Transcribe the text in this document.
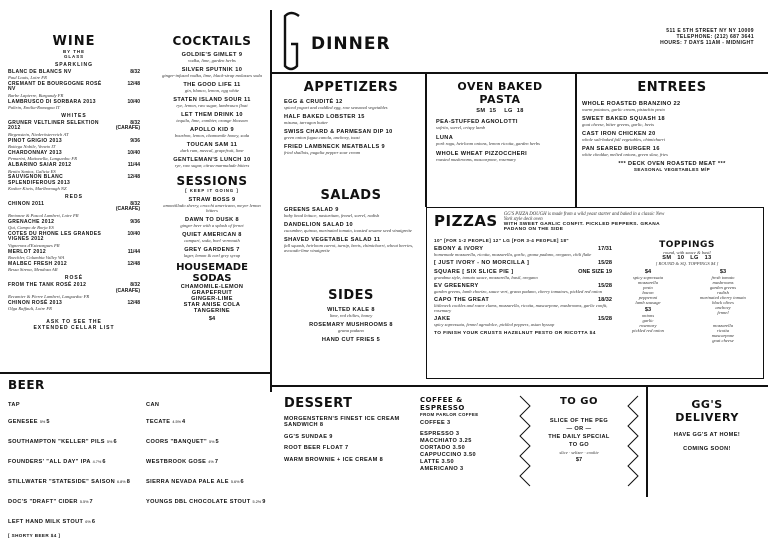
WINE
BY THE GLASS
SPARKLING
BLANC DE BLANCS NV	8/32
Paul Louis, Loire FR
CREMANT DE BOURGOGNE ROSÉ NV
12/48
Barbe Lapierre, Burgundy FR
LAMBRUSCO DI SORBARA 2013	10/40
Paltrin, Emilia-Romagna IT
WHITES
GRUNER VELTLINER SELEKTION 2012
8/32 (CARAFE)
Birgenstein, Niederösterreich AT
PINOT GRIGIO 2013	9/36
Bottega Nobile, Veneto IT
CHARDONNAY 2013	10/40
Pemarini, Mattonella, Languedoc FR
ALBARINO SAIAR 2012	11/44
Benito Santos, Galicia ES
SAUVIGNON BLANC SPLENDIFEROUS 2013
12/48
Kosher Kiwis, Marlborough NZ
REDS
CHINON 2011	8/32 (CARAFE)
Bretonne & Pascal Lambert, Loire FR
GRENACHE 2012	9/36
Qui, Campo de Borja ES
COTES DU RHONE LES GRANDES VIGNES 2012
10/40
Vignerons d'Estezargues FR
MERLOT 2012	11/44
Boechler, Columbia Valley WA
MALBEC FRESH 2012	12/48
Bessa Sirena, Mendoza AR
ROSÉ
FROM THE TANK ROSÉ 2012	8/32 (CARAFE)
Recamier & Pierre Lambert, Languedoc FR
CHINON ROSÉ 2013	12/48
Olga Raffault, Loire FR
ASK TO SEE THE EXTENDED CELLAR LIST
COCKTAILS
GOLDIE'S GIMLET 9
vodka, lime, garden herbs
SILVER SPUTNIK 10
ginger-infused vodka, lime, black-strap molasses soda
THE GOOD LIFE 11
gin, blanco, lemon, egg white
STATEN ISLAND SOUR 11
rye, lemon, raw sugar, lambrusco float
LET THEM DRINK 10
tequila, lime, combier, orange blossom
APOLLO KID 9
bourbon, lemon, chamomile honey, soda
TOUCAN SAM 11
dark rum, mezcal, grapefruit, lime
GENTLEMAN'S LUNCH 10
rye, raw sugar, citrus-marmalade bitters
SESSIONS
[ KEEP IT GOING ]
STRAW BOSS 9
amontillado sherry, crocchi americano, meyer lemon bitters
DAWN TO DUSK 8
ginger beer with a splash of fernet
QUIET AMERICAN 8
campari, soda, bon! vermouth
GREY GARDENS 7
lager, lemon & earl grey syrup
HOUSEMADE SODAS
CHAMOMILE-LEMON
GRAPEFRUIT
GINGER-LIME
STAR ANISE COLA
TANGERINE
$4
BEER
TAP
GENESEE 5% 5
SOUTHAMPTON "KELLER" PILS 5% 6
FOUNDERS' "ALL DAY" IPA 4.7% 6
STILLWATER "STATESIDE" SAISON 6.8% 8
DOC'S "DRAFT" CIDER 5.5% 7
LEFT HAND MILK STOUT 6% 6
[ SHORTY BEER $4 ]
CAN
TECATE 4.5% 4
COORS "BANQUET" 5% 5
WESTBROOK GOSE 4% 7
SIERRA NEVADA PALE ALE 5.6% 6
YOUNGS DBL CHOCOLATE STOUT 5.2% 9
DINNER
511 E 5TH STREET NY NY 10009
TELEPHONE: (212) 687 3641
HOURS: 7 DAYS 11AM - MIDNIGHT
APPETIZERS
EGG & CRUDITÉ 12
spiced yogurt and coddled egg, raw seasonal vegetables
HALF BAKED LOBSTER 15
mizuna, tarragon butter
SWISS CHARD & PARMESAN DIP 10
green onion fugaa canola, anchovy, toast
FRIED LAMBNECK MEATBALLS 9
fried shallots, pugalia pepper sour cream
SALADS
GREENS SALAD 9
baby head lettuce, nasturtium, fennel, sorrel, radish
DANDELION SALAD 10
cucumber, quinoa, marinated tomato, toasted sesame seed vinaigrette
SHAVED VEGETABLE SALAD 11
fall squash, heirloom carrot, turnip, beets, chimichurri, wheat berries, avocado-lime vinaigrette
SIDES
WILTED KALE 8
lime, red chilies, honey
ROSEMARY MUSHROOMS 8
grana padano
HAND CUT FRIES 5
OVEN BAKED PASTA
SM  15    LG  18
PEA-STUFFED AGNOLOTTI
sofrito, sorrel, crispy lamb
LUNA
pork ragu, heirloom onions, lemon ricotta, garden herbs
WHOLE WHEAT PIZZOCCHERI
roasted mushrooms, mascarpone, rosemary
ENTREES
WHOLE ROASTED BRANZINO 22
warm potatoes, garlic cream, pistachio pesto
SWEET BAKED SQUASH 18
goat cheese, bitter greens, garlic, beets
CAST IRON CHICKEN 20
whole salt-baked fall vegetables, chimichurri
PAN SEARED BURGER 16
white cheddar, melted onions, green slaw, fries
*** DECK OVEN ROASTED MEAT ***
SEASONAL VEGETABLES M/P
PIZZAS GG'S PIZZA DOUGH is made from a wild yeast starter and baked in a classic New York style deck oven
WITH SWEET GARLIC CONFIT. PICKLED PEPPERS. GRANA PADANO ON THE SIDE
10" [FOR 1-2 PEOPLE] 12" LG [FOR 3-4 PEOPLE] 18"
EBONY & IVORY	17/31
homemade mozzarella, ricotta, mozzarella, garlic, grana padano, oregano, chili flake
[ JUST IVORY - NO MORCILLA ]	15/28
SQUARE [ SIX SLICE PIE ]	ONE SIZE 19
grandma style, tomato sauce, mozzarella, basil, oregano
EV GREENERY	15/28
garden greens, lamb chorizo, sauce vert, grana padano, cherry tomatoes, pickled red onion
CAPO THE GREAT	18/32
littleneck cockles and razor clams, mozzarella, ricotta, mascarpone, mushrooms, garlic confit, rosemary
JAKE	15/28
spicy sopressata, fennel agrodolce, pickled peppers, asian hyssop
TO FINISH YOUR CRUSTS HAZELNUT PESTO OR RICOTTA $4
TOPPINGS
round, with sauce & basil
SM   10   LG   13
[ ROUND & SQ. TOPPINGS $4 ]
$4
spicy sopressata
mozzarella
pesto
bacon
pepperoni
lamb sausage
$3
onions
garlic
rosemary
pickled red onion
$3
fresh tomato
mushrooms
garden greens
radish
marinated cherry tomato
black olives
anchovy
fennel
mozzarella
ricotta
mascarpone
goat cheese
DESSERT
MORGENSTERN'S FINEST ICE CREAM SANDWICH 8
GG'S SUNDAE 9
ROOT BEER FLOAT 7
WARM BROWNIE + ICE CREAM 8
COFFEE & ESPRESSO
FROM PARLOR COFFEE
COFFEE 3
ESPRESSO 3
MACCHIATO 3.25
CORTADO 3.50
CAPPUCCINO 3.50
LATTE 3.50
AMERICANO 3
TO GO
SLICE OF THE PEG
— OR —
THE DAILY SPECIAL
TO GO
slice · seltzer · cookie
$7
GG'S DELIVERY
HAVE GG'S AT HOME!
COMING SOON!
